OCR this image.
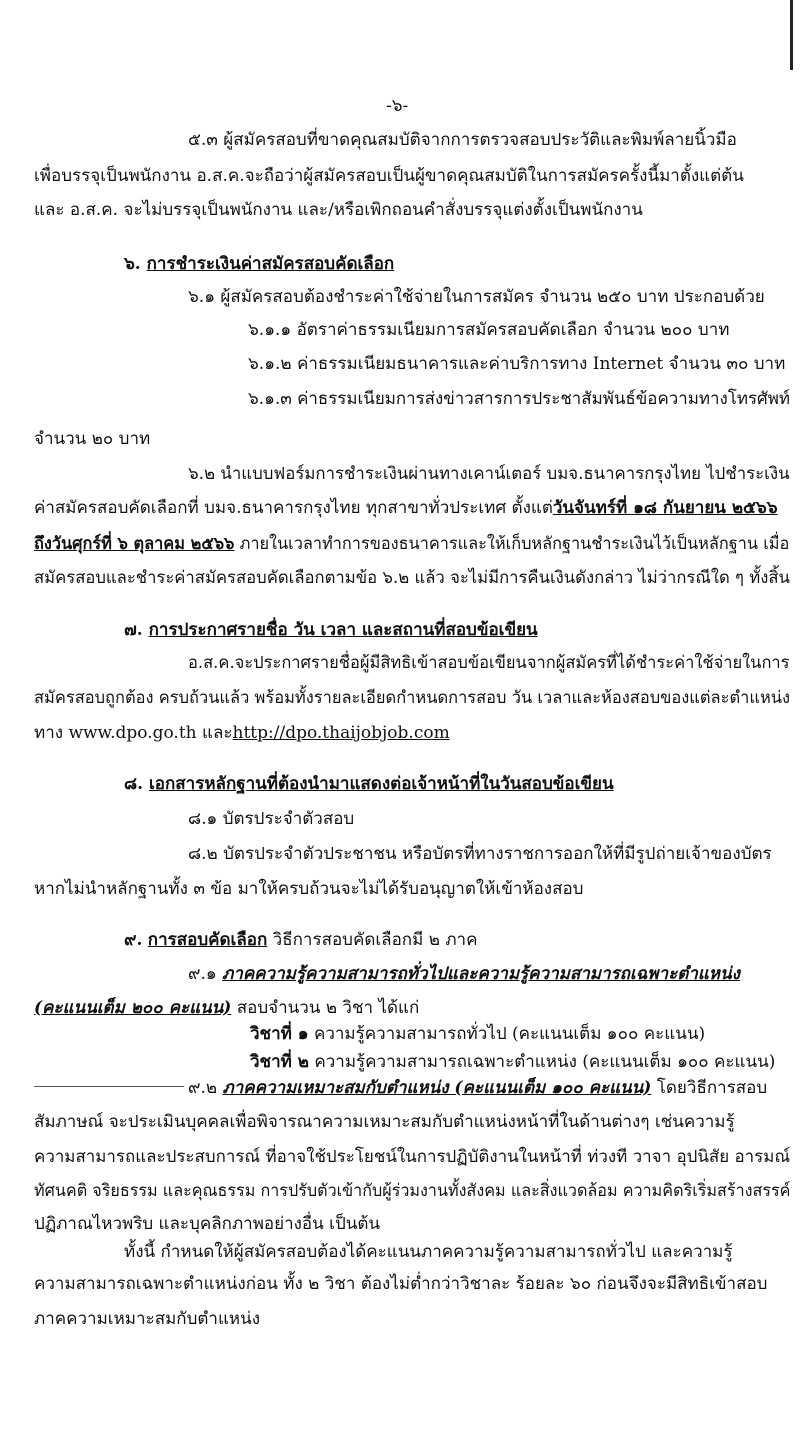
-๖-
๕.๓ ผู้สมัครสอบที่ขาดคุณสมบัติจากการตรวจสอบประวัติและพิมพ์ลายนิ้วมือ
เพื่อบรรจุเป็นพนักงาน อ.ส.ค.จะถือว่าผู้สมัครสอบเป็นผู้ขาดคุณสมบัติในการสมัครครั้งนี้มาตั้งแต่ต้น
และ อ.ส.ค. จะไม่บรรจุเป็นพนักงาน และ/หรือเพิกถอนคำสั่งบรรจุแต่งตั้งเป็นพนักงาน
๖. การชำระเงินค่าสมัครสอบคัดเลือก
๖.๑ ผู้สมัครสอบต้องชำระค่าใช้จ่ายในการสมัคร จำนวน ๒๕๐ บาท ประกอบด้วย
๖.๑.๑ อัตราค่าธรรมเนียมการสมัครสอบคัดเลือก จำนวน ๒๐๐ บาท
๖.๑.๒ ค่าธรรมเนียมธนาคารและค่าบริการทาง Internet จำนวน ๓๐ บาท
๖.๑.๓ ค่าธรรมเนียมการส่งข่าวสารการประชาสัมพันธ์ข้อความทางโทรศัพท์
จำนวน ๒๐ บาท
๖.๒ นำแบบฟอร์มการชำระเงินผ่านทางเคาน์เตอร์ บมจ.ธนาคารกรุงไทย ไปชำระเงิน
ค่าสมัครสอบคัดเลือกที่ บมจ.ธนาคารกรุงไทย ทุกสาขาทั่วประเทศ ตั้งแต่วันจันทร์ที่ ๑๘ กันยายน ๒๕๖๖
ถึงวันศุกร์ที่ ๖ ตุลาคม ๒๕๖๖ ภายในเวลาทำการของธนาคารและให้เก็บหลักฐานชำระเงินไว้เป็นหลักฐาน เมื่อ
สมัครสอบและชำระค่าสมัครสอบคัดเลือกตามข้อ ๖.๒ แล้ว จะไม่มีการคืนเงินดังกล่าว ไม่ว่ากรณีใด ๆ ทั้งสิ้น
๗. การประกาศรายชื่อ วัน เวลา และสถานที่สอบข้อเขียน
อ.ส.ค.จะประกาศรายชื่อผู้มีสิทธิเข้าสอบข้อเขียนจากผู้สมัครที่ได้ชำระค่าใช้จ่ายในการ
สมัครสอบถูกต้อง ครบถ้วนแล้ว พร้อมทั้งรายละเอียดกำหนดการสอบ วัน เวลาและห้องสอบของแต่ละตำแหน่ง
ทาง www.dpo.go.th และhttp://dpo.thaijobjob.com
๘. เอกสารหลักฐานที่ต้องนำมาแสดงต่อเจ้าหน้าที่ในวันสอบข้อเขียน
๘.๑ บัตรประจำตัวสอบ
๘.๒ บัตรประจำตัวประชาชน หรือบัตรที่ทางราชการออกให้ที่มีรูปถ่ายเจ้าของบัตร
หากไม่นำหลักฐานทั้ง ๓ ข้อ มาให้ครบถ้วนจะไม่ได้รับอนุญาตให้เข้าห้องสอบ
๙. การสอบคัดเลือก วิธีการสอบคัดเลือกมี ๒ ภาค
๙.๑ ภาคความรู้ความสามารถทั่วไปและความรู้ความสามารถเฉพาะตำแหน่ง
(คะแนนเต็ม ๒๐๐ คะแนน) สอบจำนวน ๒ วิชา ได้แก่
วิชาที่ ๑ ความรู้ความสามารถทั่วไป (คะแนนเต็ม ๑๐๐ คะแนน)
วิชาที่ ๒ ความรู้ความสามารถเฉพาะตำแหน่ง (คะแนนเต็ม ๑๐๐ คะแนน)
๙.๒ ภาคความเหมาะสมกับตำแหน่ง (คะแนนเต็ม ๑๐๐ คะแนน) โดยวิธีการสอบ
สัมภาษณ์ จะประเมินบุคคลเพื่อพิจารณาความเหมาะสมกับตำแหน่งหน้าที่ในด้านต่างๆ เช่นความรู้
ความสามารถและประสบการณ์ ที่อาจใช้ประโยชน์ในการปฏิบัติงานในหน้าที่ ท่วงที วาจา อุปนิสัย อารมณ์
ทัศนคติ จริยธรรม และคุณธรรม การปรับตัวเข้ากับผู้ร่วมงานทั้งสังคม และสิ่งแวดล้อม ความคิดริเริ่มสร้างสรรค์
ปฏิภาณไหวพริบ และบุคลิกภาพอย่างอื่น เป็นต้น
ทั้งนี้ กำหนดให้ผู้สมัครสอบต้องได้คะแนนภาคความรู้ความสามารถทั่วไป และความรู้
ความสามารถเฉพาะตำแหน่งก่อน ทั้ง ๒ วิชา ต้องไม่ต่ำกว่าวิชาละ ร้อยละ ๖๐ ก่อนจึงจะมีสิทธิเข้าสอบ
ภาคความเหมาะสมกับตำแหน่ง
